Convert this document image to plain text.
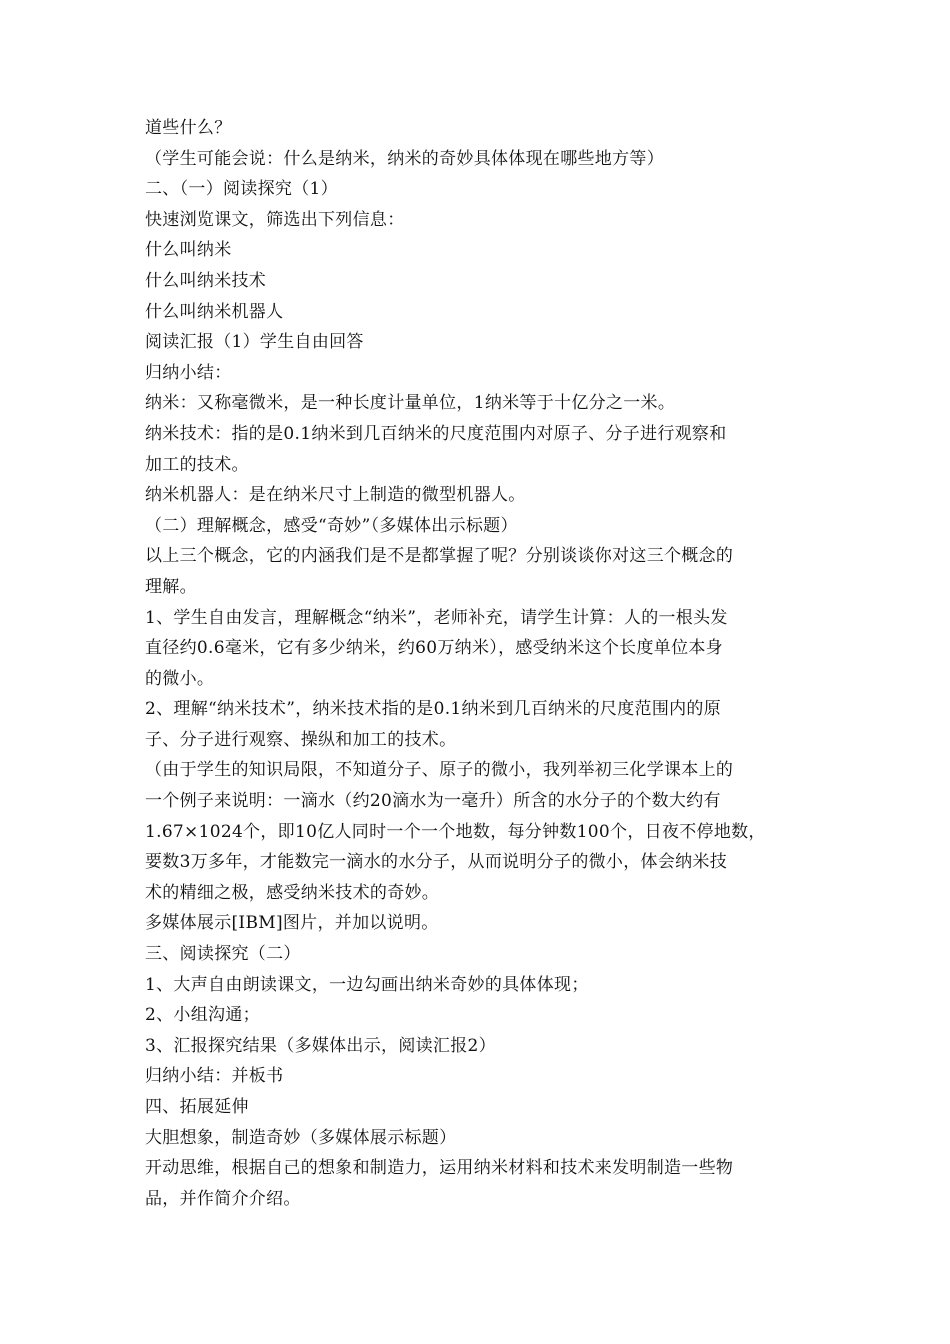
道些什么？
（学生可能会说：什么是纳米，纳米的奇妙具体体现在哪些地方等）
二、（一）阅读探究（1）
快速浏览课文，筛选出下列信息：
什么叫纳米
什么叫纳米技术
什么叫纳米机器人
阅读汇报（1）学生自由回答
归纳小结：
纳米：又称毫微米，是一种长度计量单位，1纳米等于十亿分之一米。
纳米技术：指的是0.1纳米到几百纳米的尺度范围内对原子、分子进行观察和
加工的技术。
纳米机器人：是在纳米尺寸上制造的微型机器人。
（二）理解概念，感受“奇妙”（多媒体出示标题）
以上三个概念，它的内涵我们是不是都掌握了呢？分别谈谈你对这三个概念的
理解。
1、学生自由发言，理解概念“纳米”，老师补充，请学生计算：人的一根头发
直径约0.6毫米，它有多少纳米，约60万纳米），感受纳米这个长度单位本身
的微小。
2、理解“纳米技术”，纳米技术指的是0.1纳米到几百纳米的尺度范围内的原
子、分子进行观察、操纵和加工的技术。
（由于学生的知识局限，不知道分子、原子的微小，我列举初三化学课本上的
一个例子来说明：一滴水（约20滴水为一毫升）所含的水分子的个数大约有
1.67×1024个，即10亿人同时一个一个地数，每分钟数100个，日夜不停地数，
要数3万多年，才能数完一滴水的水分子，从而说明分子的微小，体会纳米技
术的精细之极，感受纳米技术的奇妙。
多媒体展示[IBM]图片，并加以说明。
三、阅读探究（二）
1、大声自由朗读课文，一边勾画出纳米奇妙的具体体现；
2、小组沟通；
3、汇报探究结果（多媒体出示，阅读汇报2）
归纳小结：并板书
四、拓展延伸
大胆想象，制造奇妙（多媒体展示标题）
开动思维，根据自己的想象和制造力，运用纳米材料和技术来发明制造一些物
品，并作简介介绍。
